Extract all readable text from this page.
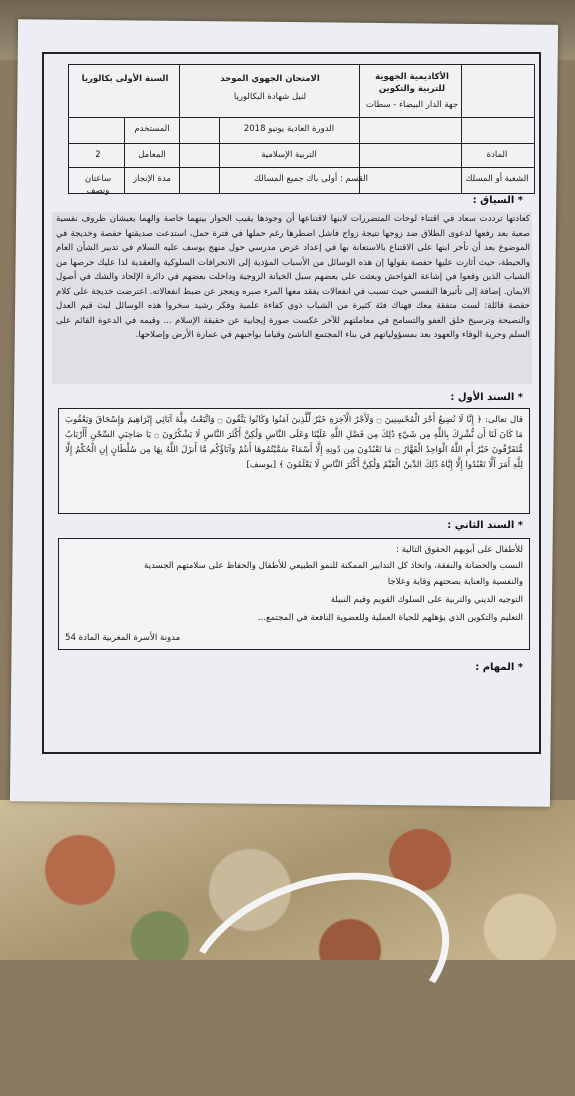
الأكاديمية الجهوية للتربية والتكوين
جهة الدار البيضاء - سطات
الامتحان الجهوي الموحد
لنيل شهادة البكالوريا
السنة الأولى بكالوريا
الدورة العادية يونيو 2018
المستخدم
المادة
التربية الإسلامية
المعامل
2
الشعبة أو المسلك
القسم : أولى باك جميع المسالك
مدة الإنجاز
ساعتان ونصف
* السياق :
كعادتها ترددت سعاد في اقتناء لوحات المتضررات لابنها لاقتناعها أن وجودها يقيب الحوار بينهما خاصة والهما يعيشان ظروف نفسية صعبة بعد رفعها لدعوى الطلاق ضد زوجها نتيجة زواج فاشل اضطرها رغم حملها في فترة حمل، استدعت صديقتها حفصة وخديجة في الموضوع بعد أن تأخر ابنها على الاقتناع بالاستعانة بها في إعداد عرض مدرسي حول منهج يوسف عليه السلام في تدبير الشأن العام والحيطة، حيث أثارت عليها حفصة بقولها إن هذه الوسائل من الأسباب المؤدية إلى الانحرافات السلوكية والعقدية لذا عليك حرصها من الشباب الذين وقعوا في إشاعة الفواحش وبعثت على بعضهم سبل الخيانة الزوجية وداخلت بعضهم في دائرة الإلحاد والشك في أصول الايمان. إضافة إلى تأثيرها النفسي حيث تسبب في انفعالات يفقد معها المرء صبره ويعجز عن ضبط انفعالاته. اعترضت خديجة على كلام حفصة قائلة: لست متفقة معك فهناك فئة كثيرة من الشباب ذوي كفاءة علمية وفكر رشيد سخروا هذه الوسائل لبث قيم العدل والنصيحة وترسيخ خلق العفو والتسامح في معاملتهم للآخر عكست صورة إيجابية عن حقيقة الإسلام ... وقيمه في الدعوة القائم على السلم وحرية الوفاء والعهود بعد بمسؤولياتهم في بناء المجتمع الناشئ وقياما بواجبهم في عمارة الأرض وإصلاحها.
* السند الأول :
قال تعالى: ﴿ إِنَّا لَا نُضِيعُ أَجْرَ الْمُحْسِنِينَ ۝ وَلَأَجْرُ الْآخِرَةِ خَيْرٌ لِّلَّذِينَ آمَنُوا وَكَانُوا يَتَّقُونَ ۝ وَاتَّبَعْتُ مِلَّةَ آبَائِي إِبْرَاهِيمَ وَإِسْحَاقَ وَيَعْقُوبَ مَا كَانَ لَنَا أَن نُّشْرِكَ بِاللَّهِ مِن شَيْءٍ ذَٰلِكَ مِن فَضْلِ اللَّهِ عَلَيْنَا وَعَلَى النَّاسِ وَلَٰكِنَّ أَكْثَرَ النَّاسِ لَا يَشْكُرُونَ ۝ يَا صَاحِبَيِ السِّجْنِ أَأَرْبَابٌ مُّتَفَرِّقُونَ خَيْرٌ أَمِ اللَّهُ الْوَاحِدُ الْقَهَّارُ ۝ مَا تَعْبُدُونَ مِن دُونِهِ إِلَّا أَسْمَاءً سَمَّيْتُمُوهَا أَنتُمْ وَآبَاؤُكُم مَّا أَنزَلَ اللَّهُ بِهَا مِن سُلْطَانٍ إِنِ الْحُكْمُ إِلَّا لِلَّهِ أَمَرَ أَلَّا تَعْبُدُوا إِلَّا إِيَّاهُ ذَٰلِكَ الدِّينُ الْقَيِّمُ وَلَٰكِنَّ أَكْثَرَ النَّاسِ لَا يَعْلَمُونَ ﴾ [يوسف]
* السند الثاني :
للأطفال على أبويهم الحقوق التالية :
النسب والحضانة والنفقة، واتخاذ كل التدابير الممكنة للنمو الطبيعي للأطفال والحفاظ على سلامتهم الجسدية
والنفسية والعناية بصحتهم وقاية وعلاجا
التوجيه الديني والتربية على السلوك القويم وقيم النبيلة
التعليم والتكوين الذي يؤهلهم للحياة العملية وللعضوية النافعة في المجتمع...
مدونة الأسرة المغربية المادة 54
* المهام :
